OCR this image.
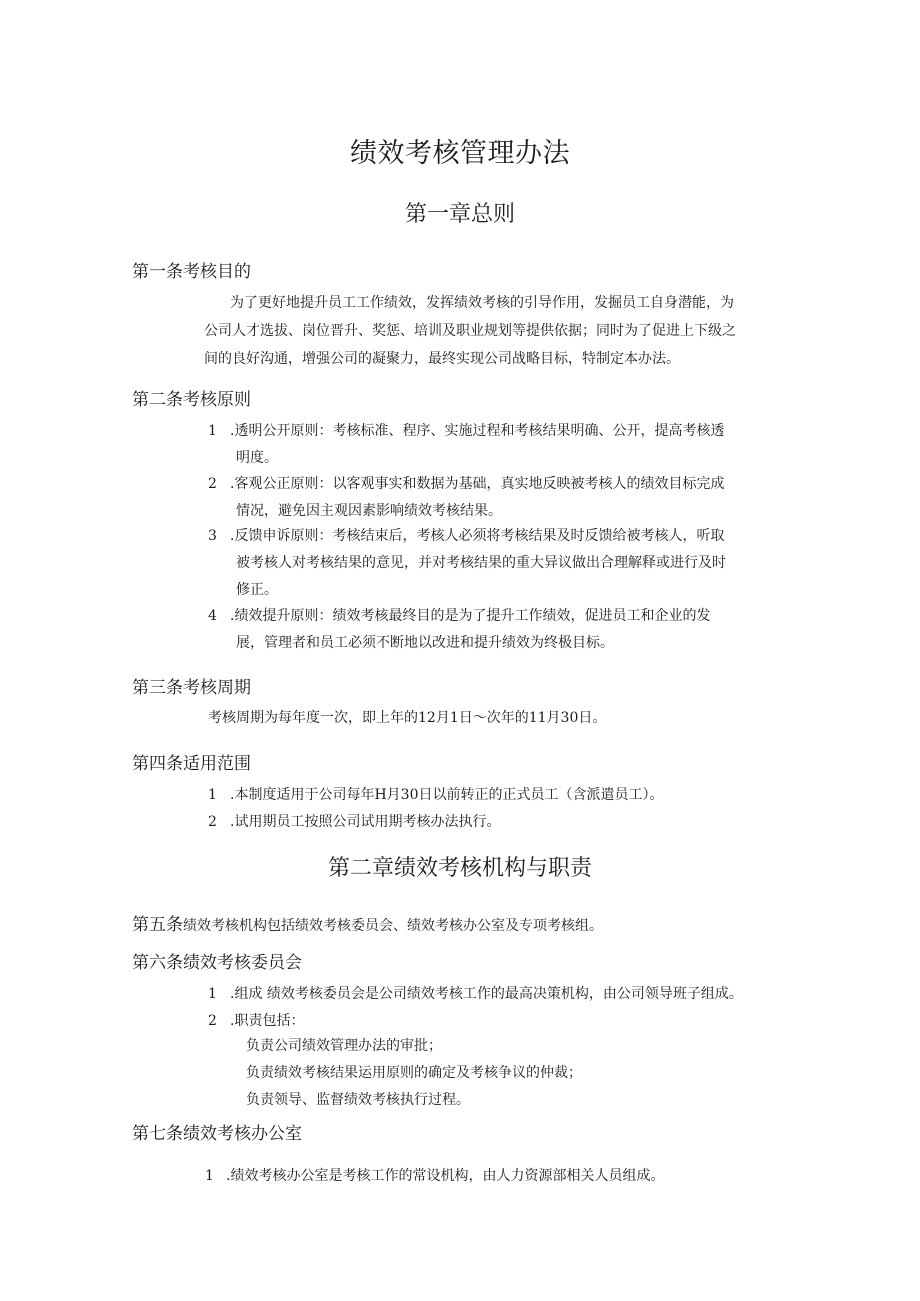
绩效考核管理办法
第一章总则
第一条考核目的
为了更好地提升员工工作绩效，发挥绩效考核的引导作用，发掘员工自身潜能，为
公司人才选拔、岗位晋升、奖惩、培训及职业规划等提供依据；同时为了促进上下级之
间的良好沟通，增强公司的凝聚力，最终实现公司战略目标，特制定本办法。
第二条考核原则
1 .透明公开原则：考核标准、程序、实施过程和考核结果明确、公开，提高考核透
明度。
2 .客观公正原则：以客观事实和数据为基础，真实地反映被考核人的绩效目标完成
情况，避免因主观因素影响绩效考核结果。
3 .反馈申诉原则：考核结束后，考核人必须将考核结果及时反馈给被考核人，听取
被考核人对考核结果的意见，并对考核结果的重大异议做出合理解释或进行及时
修正。
4 .绩效提升原则：绩效考核最终目的是为了提升工作绩效，促进员工和企业的发
展，管理者和员工必须不断地以改进和提升绩效为终极目标。
第三条考核周期
考核周期为每年度一次，即上年的12月1日～次年的11月30日。
第四条适用范围
1 .本制度适用于公司每年H月30日以前转正的正式员工（含派遣员工）。
2 .试用期员工按照公司试用期考核办法执行。
第二章绩效考核机构与职责
第五条绩效考核机构包括绩效考核委员会、绩效考核办公室及专项考核组。
第六条绩效考核委员会
1 .组成 绩效考核委员会是公司绩效考核工作的最高决策机构，由公司领导班子组成。
2 .职责包括：
负责公司绩效管理办法的审批；
负责绩效考核结果运用原则的确定及考核争议的仲裁；
负责领导、监督绩效考核执行过程。
第七条绩效考核办公室
1 .绩效考核办公室是考核工作的常设机构，由人力资源部相关人员组成。
